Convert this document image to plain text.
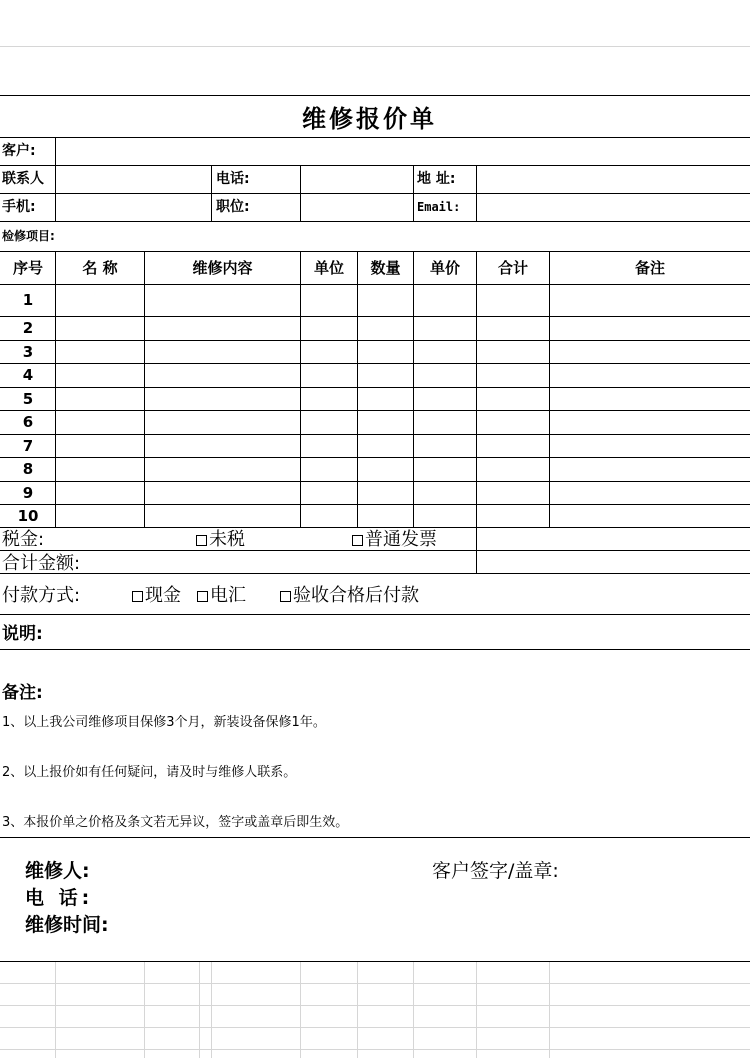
维修报价单
客户:
联系人	电话:	地 址:
手机:	职位:	Email:
检修项目:
序号	名 称	维修内容	单位	数量	单价	合计	备注
1
2
3
4
5
6
7
8
9
10
税金:	未税	普通发票
合计金额:
付款方式:	现金	电汇	验收合格后付款
说明:
备注:
1、以上我公司维修项目保修3个月，新装设备保修1年。
2、以上报价如有任何疑问，请及时与维修人联系。
3、本报价单之价格及条文若无异议，签字或盖章后即生效。
维修人:
电 话:
维修时间:
客户签字/盖章:
